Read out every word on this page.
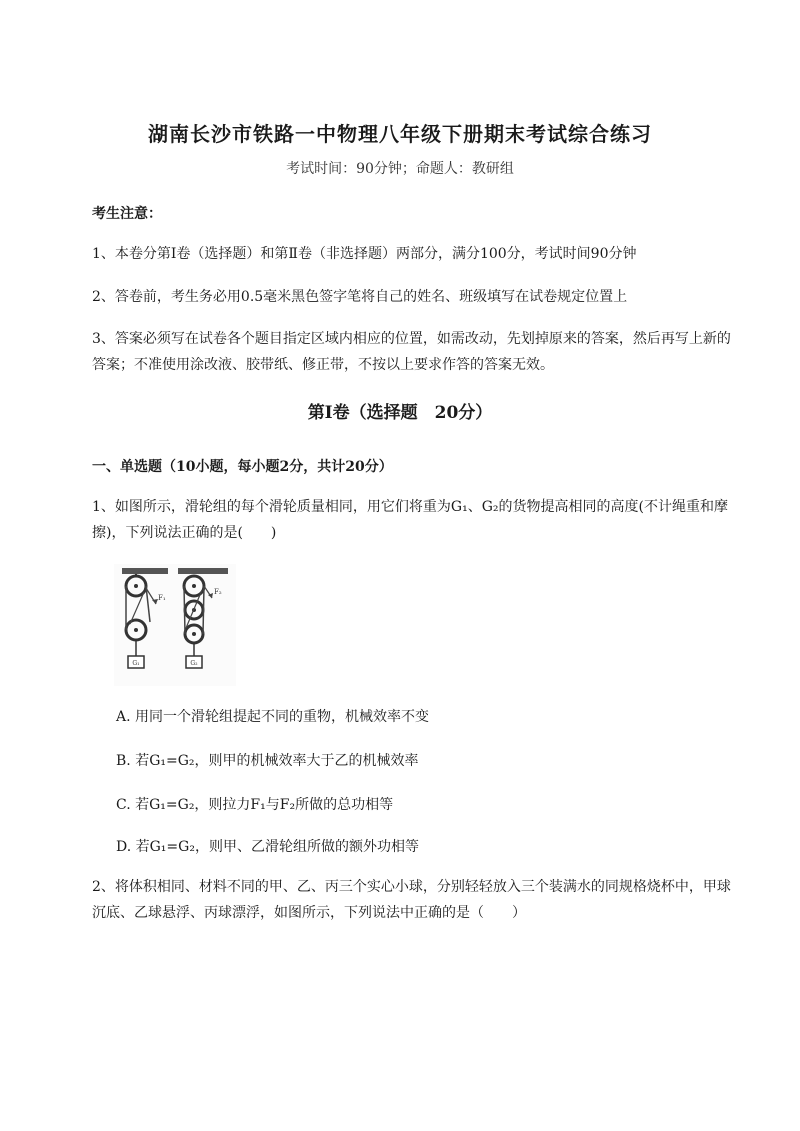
湖南长沙市铁路一中物理八年级下册期末考试综合练习
考试时间：90分钟；命题人：教研组
考生注意：
1、本卷分第I卷（选择题）和第Ⅱ卷（非选择题）两部分，满分100分，考试时间90分钟
2、答卷前，考生务必用0.5毫米黑色签字笔将自己的姓名、班级填写在试卷规定位置上
3、答案必须写在试卷各个题目指定区域内相应的位置，如需改动，先划掉原来的答案，然后再写上新的答案；不准使用涂改液、胶带纸、修正带，不按以上要求作答的答案无效。
第I卷（选择题　20分）
一、单选题（10小题，每小题2分，共计20分）
1、如图所示，滑轮组的每个滑轮质量相同，用它们将重为G₁、G₂的货物提高相同的高度(不计绳重和摩擦)，下列说法正确的是(　　)
F₁
G₁
F₂
G₂
A. 用同一个滑轮组提起不同的重物，机械效率不变
B. 若G₁=G₂，则甲的机械效率大于乙的机械效率
C. 若G₁=G₂，则拉力F₁与F₂所做的总功相等
D. 若G₁=G₂，则甲、乙滑轮组所做的额外功相等
2、将体积相同、材料不同的甲、乙、丙三个实心小球，分别轻轻放入三个装满水的同规格烧杯中，甲球沉底、乙球悬浮、丙球漂浮，如图所示，下列说法中正确的是（　　）
